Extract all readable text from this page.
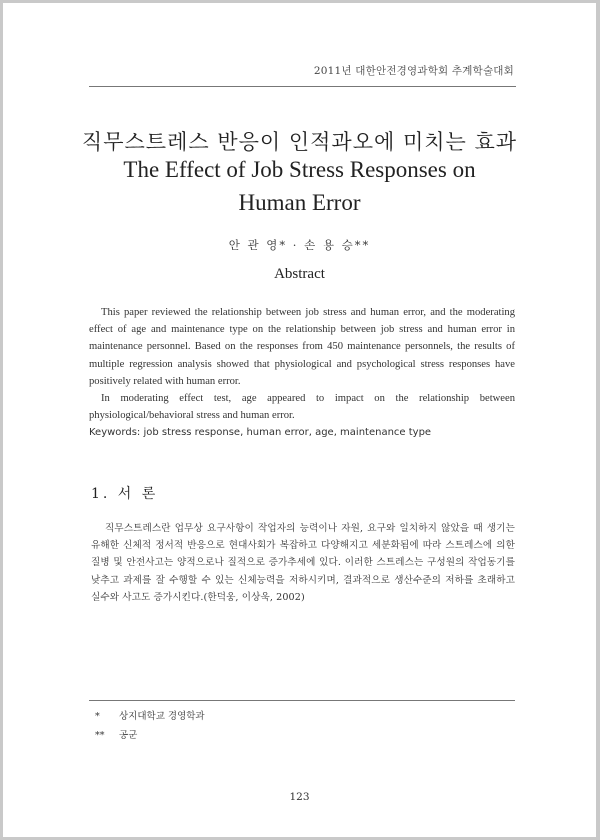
2011년 대한안전경영과학회 추계학술대회
직무스트레스 반응이 인적과오에 미치는 효과
The Effect of Job Stress Responses on Human Error
안 관 영* · 손 용 승**
Abstract

This paper reviewed the relationship between job stress and human error, and the moderating effect of age and maintenance type on the relationship between job stress and human error in maintenance personnel. Based on the responses from 450 maintenance personnels, the results of multiple regression analysis showed that physiological and psychological stress responses have positively related with human error.

In moderating effect test, age appeared to impact on the relationship between physiological/behavioral stress and human error.

Keywords: job stress response, human error, age, maintenance type

1. 서 론

직무스트레스란 업무상 요구사항이 작업자의 능력이나 자원, 요구와 일치하지 않았을 때 생기는 유해한 신체적 정서적 반응으로 현대사회가 복잡하고 다양해지고 세분화됨에 따라 스트레스에 의한 질병 및 안전사고는 양적으로나 질적으로 증가추세에 있다. 이러한 스트레스는 구성원의 작업동기를 낮추고 과제를 잘 수행할 수 있는 신체능력을 저하시키며, 결과적으로 생산수준의 저하를 초래하고 실수와 사고도 증가시킨다.(한덕웅, 이상욱, 2002)

* 상지대학교 경영학과
** 공군
123
